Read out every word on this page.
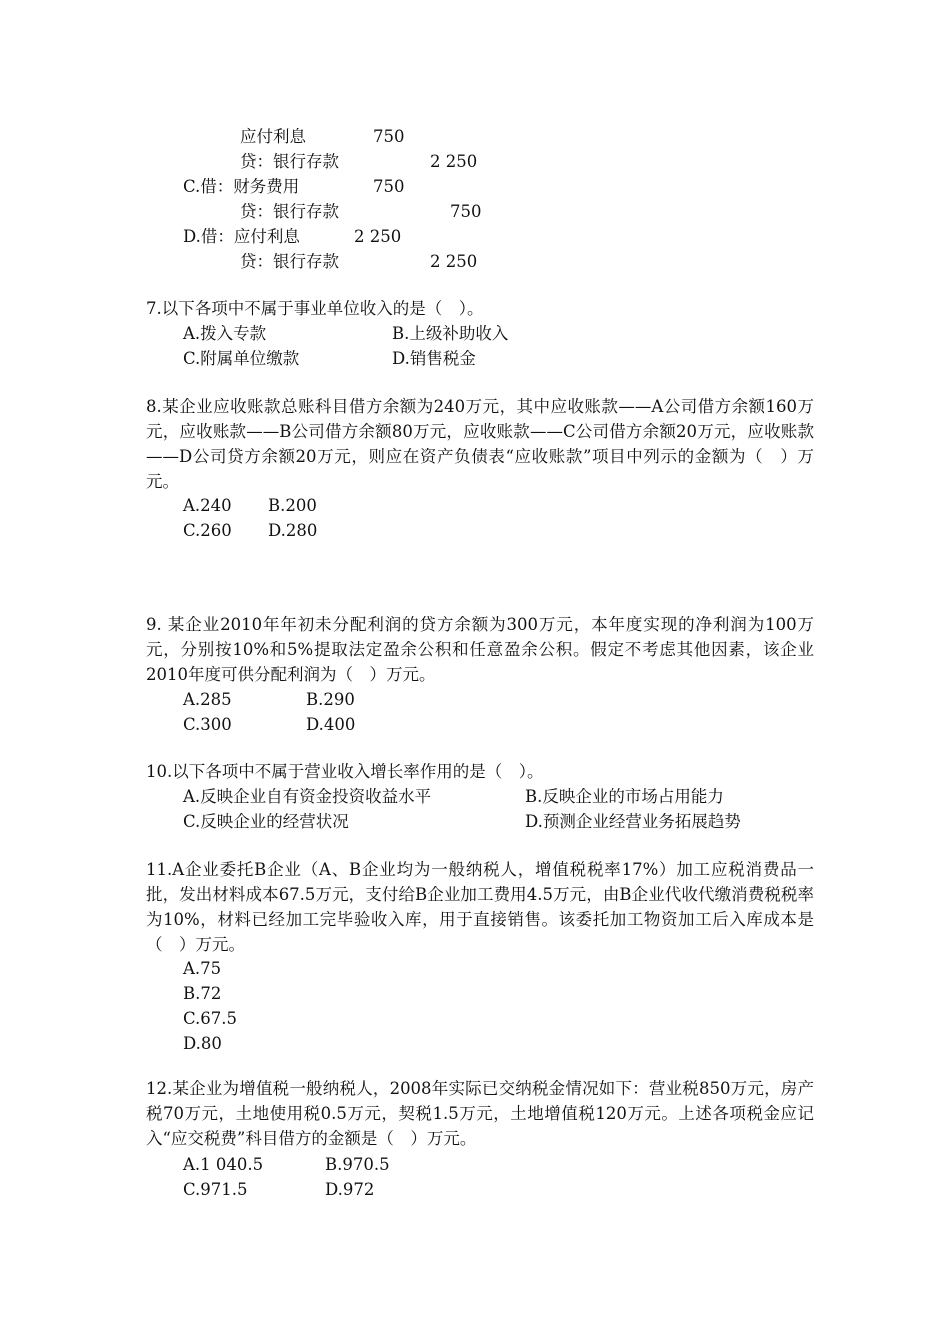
应付利息	750
贷：银行存款	2 250
C.借：财务费用	750
贷：银行存款	750
D.借：应付利息	2 250
贷：银行存款	2 250
7.以下各项中不属于事业单位收入的是（　）。
A.拨入专款	B.上级补助收入
C.附属单位缴款	D.销售税金
8.某企业应收账款总账科目借方余额为240万元，其中应收账款——A公司借方余额160万元，应收账款——B公司借方余额80万元，应收账款——C公司借方余额20万元，应收账款——D公司贷方余额20万元，则应在资产负债表“应收账款”项目中列示的金额为（　）万元。
A.240 B.200
C.260 D.280
9. 某企业2010年年初未分配利润的贷方余额为300万元，本年度实现的净利润为100万元，分别按10%和5%提取法定盈余公积和任意盈余公积。假定不考虑其他因素，该企业2010年度可供分配利润为（　）万元。
A.285	B.290
C.300	D.400
10.以下各项中不属于营业收入增长率作用的是（　）。
A.反映企业自有资金投资收益水平	B.反映企业的市场占用能力
C.反映企业的经营状况	D.预测企业经营业务拓展趋势
11.A企业委托B企业（A、B企业均为一般纳税人，增值税税率17%）加工应税消费品一批，发出材料成本67.5万元，支付给B企业加工费用4.5万元，由B企业代收代缴消费税税率为10%，材料已经加工完毕验收入库，用于直接销售。该委托加工物资加工后入库成本是（　）万元。
A.75
B.72
C.67.5
D.80
12.某企业为增值税一般纳税人，2008年实际已交纳税金情况如下：营业税850万元，房产税70万元，土地使用税0.5万元，契税1.5万元，土地增值税120万元。上述各项税金应记入“应交税费”科目借方的金额是（　）万元。
A.1 040.5	B.970.5
C.971.5	D.972
